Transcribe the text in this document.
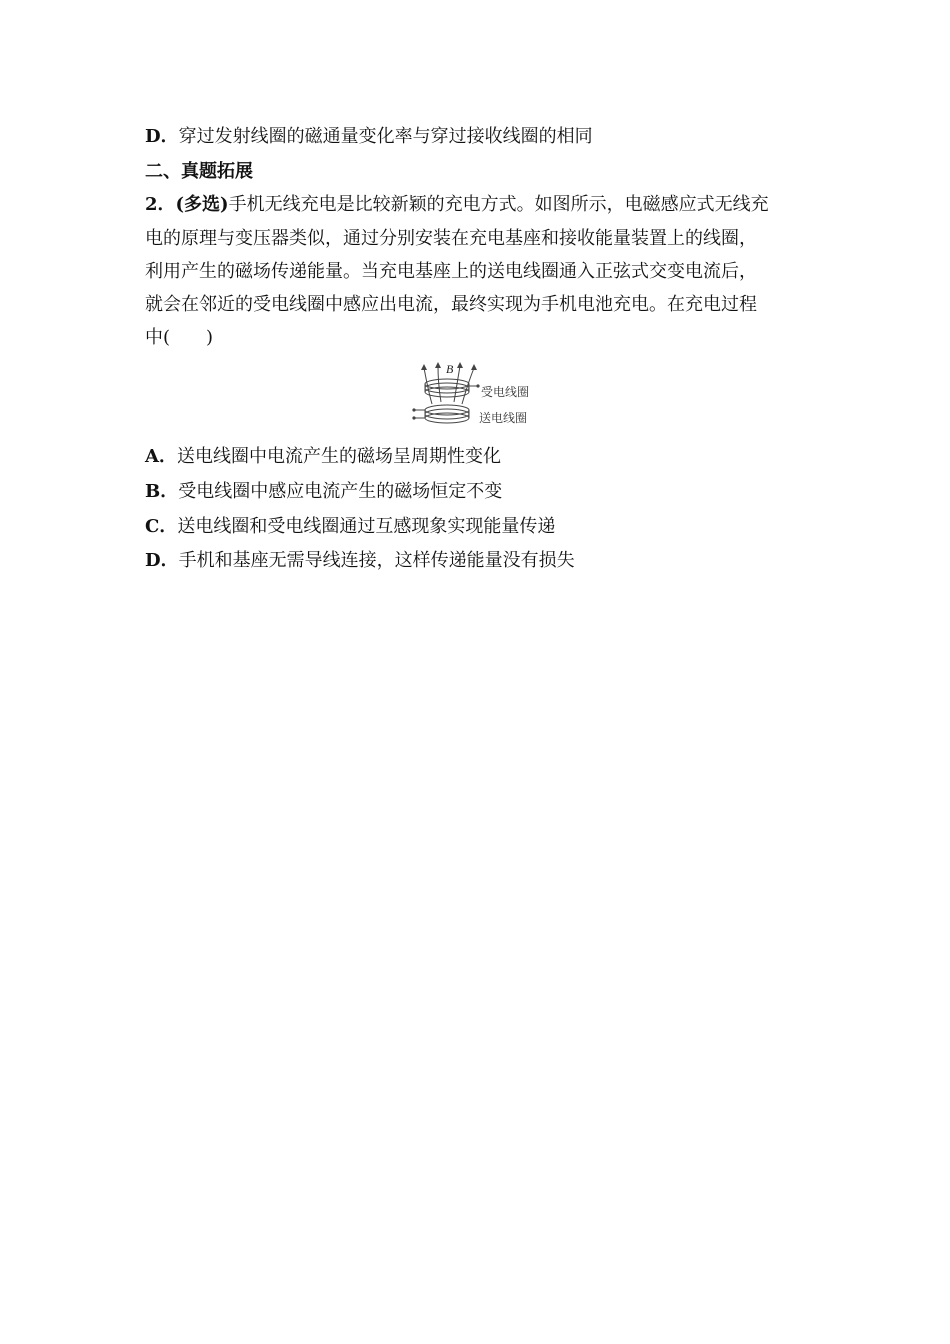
D．穿过发射线圈的磁通量变化率与穿过接收线圈的相同
二、真题拓展
2．(多选)手机无线充电是比较新颖的充电方式。如图所示，电磁感应式无线充
电的原理与变压器类似，通过分别安装在充电基座和接收能量装置上的线圈，
利用产生的磁场传递能量。当充电基座上的送电线圈通入正弦式交变电流后，
就会在邻近的受电线圈中感应出电流，最终实现为手机电池充电。在充电过程
中(　　)
B
受电线圈
送电线圈
A．送电线圈中电流产生的磁场呈周期性变化
B．受电线圈中感应电流产生的磁场恒定不变
C．送电线圈和受电线圈通过互感现象实现能量传递
D．手机和基座无需导线连接，这样传递能量没有损失
